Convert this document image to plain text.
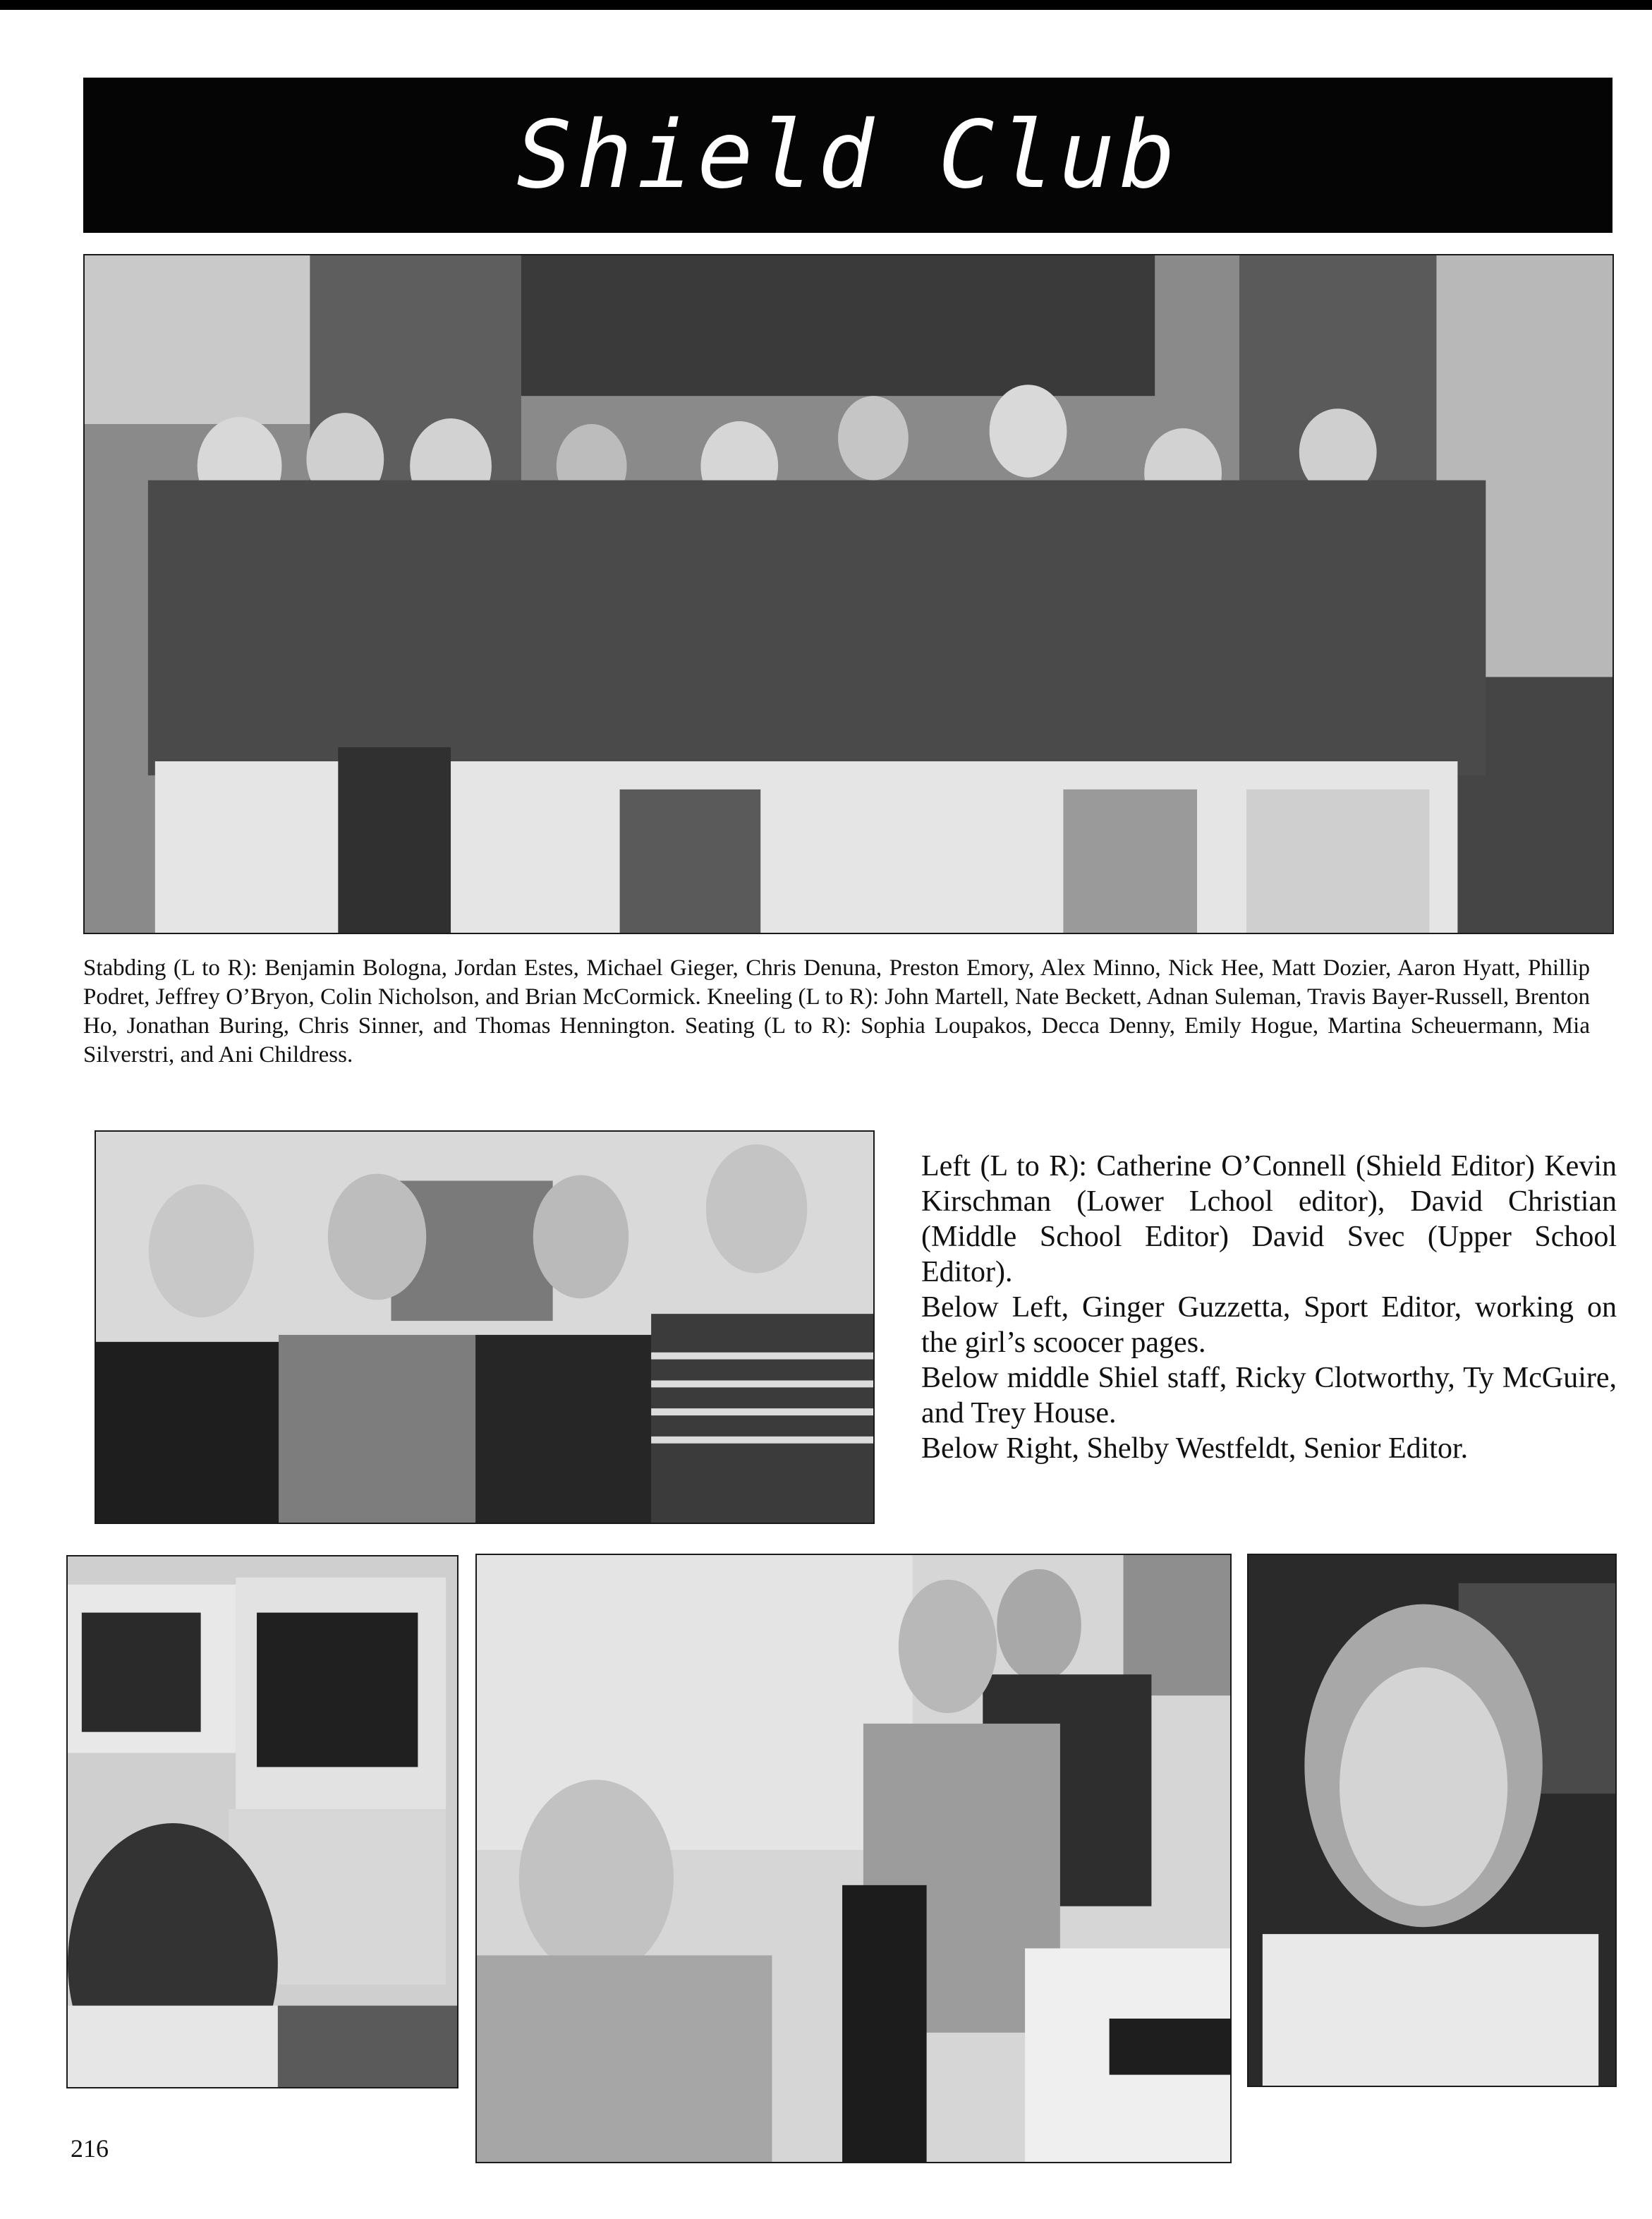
Shield Club

Stabding (L to R): Benjamin Bologna, Jordan Estes, Michael Gieger, Chris Denuna, Preston Emory, Alex Minno, Nick Hee, Matt Dozier, Aaron Hyatt, Phillip Podret, Jeffrey O’Bryon, Colin Nicholson, and Brian McCormick. Kneeling (L to R): John Martell, Nate Beckett, Adnan Suleman, Travis Bayer-Russell, Brenton Ho, Jonathan Buring, Chris Sinner, and Thomas Hennington. Seating (L to R): Sophia Loupakos, Decca Denny, Emily Hogue, Martina Scheuermann, Mia Silverstri, and Ani Childress.

Left (L to R): Catherine O’Connell (Shield Editor) Kevin Kirschman (Lower Lchool editor), David Christian (Middle School Editor) David Svec (Upper School Editor).
Below Left, Ginger Guzzetta, Sport Editor, working on the girl’s scoocer pages.
Below middle Shiel staff, Ricky Clotworthy, Ty McGuire, and Trey House.
Below Right, Shelby Westfeldt, Senior Editor.
216
